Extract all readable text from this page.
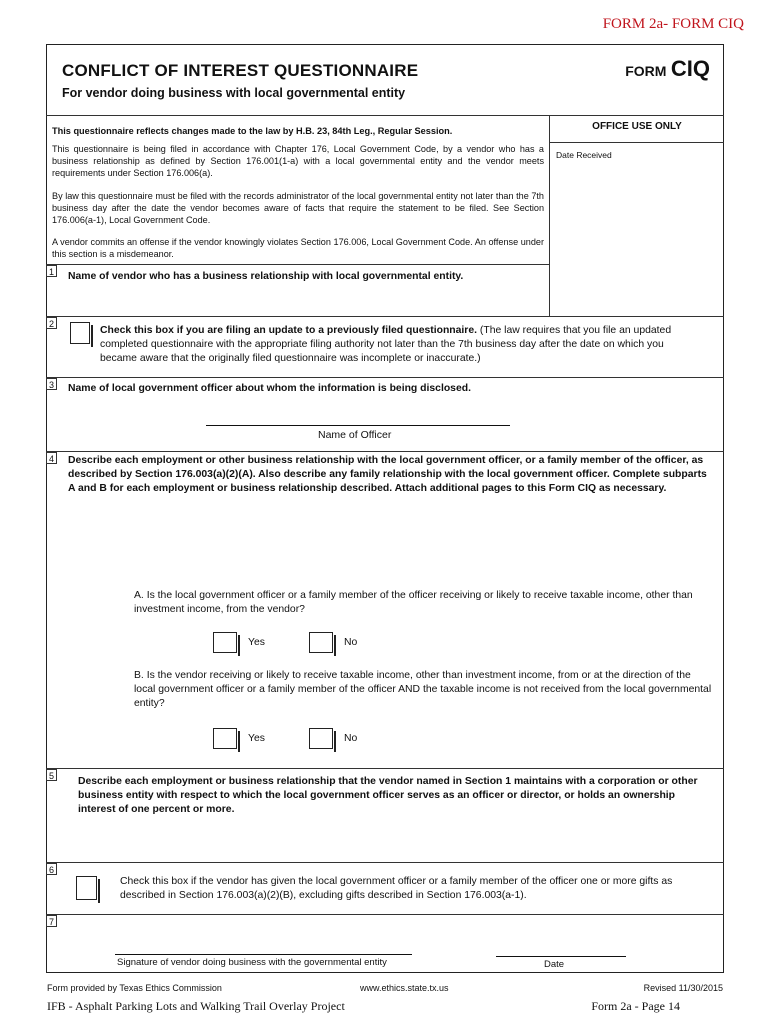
FORM 2a- FORM CIQ
CONFLICT OF INTEREST QUESTIONNAIRE
For vendor doing business with local governmental entity
FORM CIQ
This questionnaire reflects changes made to the law by H.B. 23, 84th Leg., Regular Session.
This questionnaire is being filed in accordance with Chapter 176, Local Government Code, by a vendor who has a business relationship as defined by Section 176.001(1-a) with a local governmental entity and the vendor meets requirements under Section 176.006(a).
By law this questionnaire must be filed with the records administrator of the local governmental entity not later than the 7th business day after the date the vendor becomes aware of facts that require the statement to be filed. See Section 176.006(a-1), Local Government Code.
A vendor commits an offense if the vendor knowingly violates Section 176.006, Local Government Code. An offense under this section is a misdemeanor.
OFFICE USE ONLY
Date Received
1 Name of vendor who has a business relationship with local governmental entity.
2
Check this box if you are filing an update to a previously filed questionnaire. (The law requires that you file an updated completed questionnaire with the appropriate filing authority not later than the 7th business day after the date on which you became aware that the originally filed questionnaire was incomplete or inaccurate.)
3 Name of local government officer about whom the information is being disclosed.
Name of Officer
4 Describe each employment or other business relationship with the local government officer, or a family member of the officer, as described by Section 176.003(a)(2)(A). Also describe any family relationship with the local government officer. Complete subparts A and B for each employment or business relationship described. Attach additional pages to this Form CIQ as necessary.
A. Is the local government officer or a family member of the officer receiving or likely to receive taxable income, other than investment income, from the vendor?
Yes	No
B. Is the vendor receiving or likely to receive taxable income, other than investment income, from or at the direction of the local government officer or a family member of the officer AND the taxable income is not received from the local governmental entity?
Yes	No
5 Describe each employment or business relationship that the vendor named in Section 1 maintains with a corporation or other business entity with respect to which the local government officer serves as an officer or director, or holds an ownership interest of one percent or more.
6
Check this box if the vendor has given the local government officer or a family member of the officer one or more gifts as described in Section 176.003(a)(2)(B), excluding gifts described in Section 176.003(a-1).
7
Signature of vendor doing business with the governmental entity	Date
Form provided by Texas Ethics Commission	www.ethics.state.tx.us	Revised 11/30/2015
IFB - Asphalt Parking Lots and Walking Trail Overlay Project	Form 2a - Page 14
